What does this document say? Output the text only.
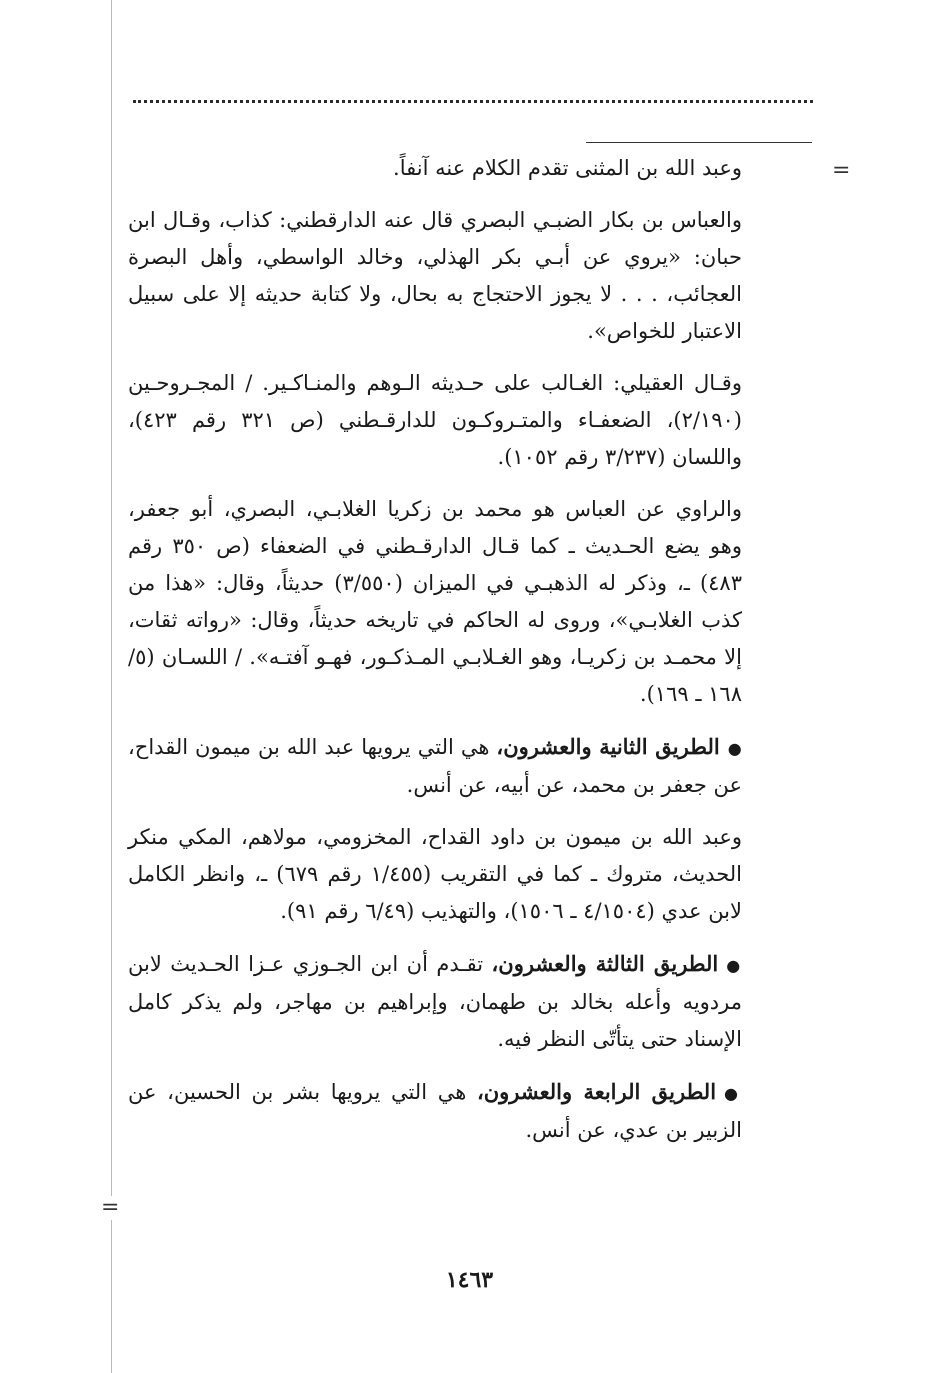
=
=

وعبد الله بن المثنى تقدم الكلام عنه آنفاً.

والعباس بن بكار الضبـي البصري قال عنه الدارقطني: كذاب، وقـال ابن حبان: «يروي عن أبـي بكر الهذلي، وخالد الواسطي، وأهل البصرة العجائب، . . . لا يجوز الاحتجاج به بحال، ولا كتابة حديثه إلا على سبيل الاعتبار للخواص».

وقـال العقيلي: الغـالب على حـديثه الـوهم والمنـاكـير. / المجـروحـين (٢/١٩٠)، الضعفـاء والمتـروكـون للدارقـطني (ص ٣٢١ رقم ٤٢٣)، واللسان (٣/٢٣٧ رقم ١٠٥٢).

والراوي عن العباس هو محمد بن زكريا الغلابـي، البصري، أبو جعفر، وهو يضع الحـديث ـ كما قـال الدارقـطني في الضعفاء (ص ٣٥٠ رقم ٤٨٣) ـ، وذكر له الذهبـي في الميزان (٣/٥٥٠) حديثاً، وقال: «هذا من كذب الغلابـي»، وروى له الحاكم في تاريخه حديثاً، وقال: «رواته ثقات، إلا محمـد بن زكريـا، وهو الغـلابـي المـذكـور، فهـو آفتـه». / اللسـان (٥/ ١٦٨ ـ ١٦٩).

●الطريق الثانية والعشرون، هي التي يرويها عبد الله بن ميمون القداح، عن جعفر بن محمد، عن أبيه، عن أنس.

وعبد الله بن ميمون بن داود القداح، المخزومي، مولاهم، المكي منكر الحديث، متروك ـ كما في التقريب (١/٤٥٥ رقم ٦٧٩) ـ، وانظر الكامل لابن عدي (٤/١٥٠٤ ـ ١٥٠٦)، والتهذيب (٦/٤٩ رقم ٩١).

●الطريق الثالثة والعشرون، تقـدم أن ابن الجـوزي عـزا الحـديث لابن مردويه وأعله بخالد بن طهمان، وإبراهيم بن مهاجر، ولم يذكر كامل الإسناد حتى يتأتّى النظر فيه.

●الطريق الرابعة والعشرون، هي التي يرويها بشر بن الحسين، عن الزبير بن عدي، عن أنس.

١٤٦٣
